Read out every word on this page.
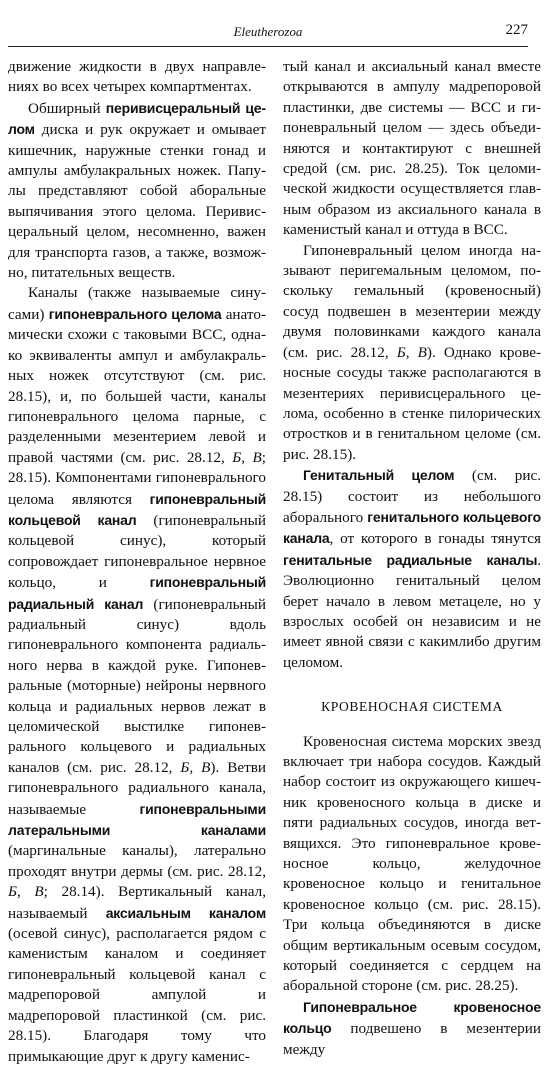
Eleutherozoa	227

движение жидкости в двух направлениях во всех четырех компартментах.

Обширный перивисцеральный целом диска и рук окружает и омывает кишечник, наружные стенки гонад и ампулы амбулакральных ножек. Папулы представляют собой аборальные выпячивания этого целома. Перивисцеральный целом, несомненно, важен для транспорта газов, а также, возможно, питательных веществ.

Каналы (также называемые синусами) гипоневрального целома анатомически схожи с таковыми ВСС, однако эквиваленты ампул и амбулакральных ножек отсутствуют (см. рис. 28.15), и, по большей части, каналы гипоневрального целома парные, с разделенными мезентерием левой и правой частями (см. рис. 28.12, Б, В; 28.15). Компонентами гипоневрального целома являются гипоневральный кольцевой канал (гипоневральный кольцевой синус), который сопровождает гипоневральное нервное кольцо, и гипоневральный радиальный канал (гипоневральный радиальный синус) вдоль гипоневрального компонента радиального нерва в каждой руке. Гипоневральные (моторные) нейроны нервного кольца и радиальных нервов лежат в целомической выстилке гипоневрального кольцевого и радиальных каналов (см. рис. 28.12, Б, В). Ветви гипоневрального радиального канала, называемые гипоневральными латеральными каналами (маргинальные каналы), латерально проходят внутри дермы (см. рис. 28.12, Б, В; 28.14). Вертикальный канал, называемый аксиальным каналом (осевой синус), располагается рядом с каменистым каналом и соединяет гипоневральный кольцевой канал с мадрепоровой ампулой и мадрепоровой пластинкой (см. рис. 28.15). Благодаря тому что примыкающие друг к другу каменис-

тый канал и аксиальный канал вместе открываются в ампулу мадрепоровой пластинки, две системы — ВСС и гипоневральный целом — здесь объединяются и контактируют с внешней средой (см. рис. 28.25). Ток целомической жидкости осуществляется главным образом из аксиального канала в каменистый канал и оттуда в ВСС.

Гипоневральный целом иногда называют перигемальным целомом, поскольку гемальный (кровеносный) сосуд подвешен в мезентерии между двумя половинками каждого канала (см. рис. 28.12, Б, В). Однако кровеносные сосуды также располагаются в мезентериях перивисцерального целома, особенно в стенке пилорических отростков и в генитальном целоме (см. рис. 28.15).

Генитальный целом (см. рис. 28.15) состоит из небольшого аборального генитального кольцевого канала, от которого в гонады тянутся генитальные радиальные каналы. Эволюционно генитальный целом берет начало в левом метацеле, но у взрослых особей он независим и не имеет явной связи с какимлибо другим целомом.

КРОВЕНОСНАЯ СИСТЕМА

Кровеносная система морских звезд включает три набора сосудов. Каждый набор состоит из окружающего кишечник кровеносного кольца в диске и пяти радиальных сосудов, иногда ветвящихся. Это гипоневральное кровеносное кольцо, желудочное кровеносное кольцо и генитальное кровеносное кольцо (см. рис. 28.15). Три кольца объединяются в диске общим вертикальным осевым сосудом, который соединяется с сердцем на аборальной стороне (см. рис. 28.25).

Гипоневральное кровеносное кольцо подвешено в мезентерии между
